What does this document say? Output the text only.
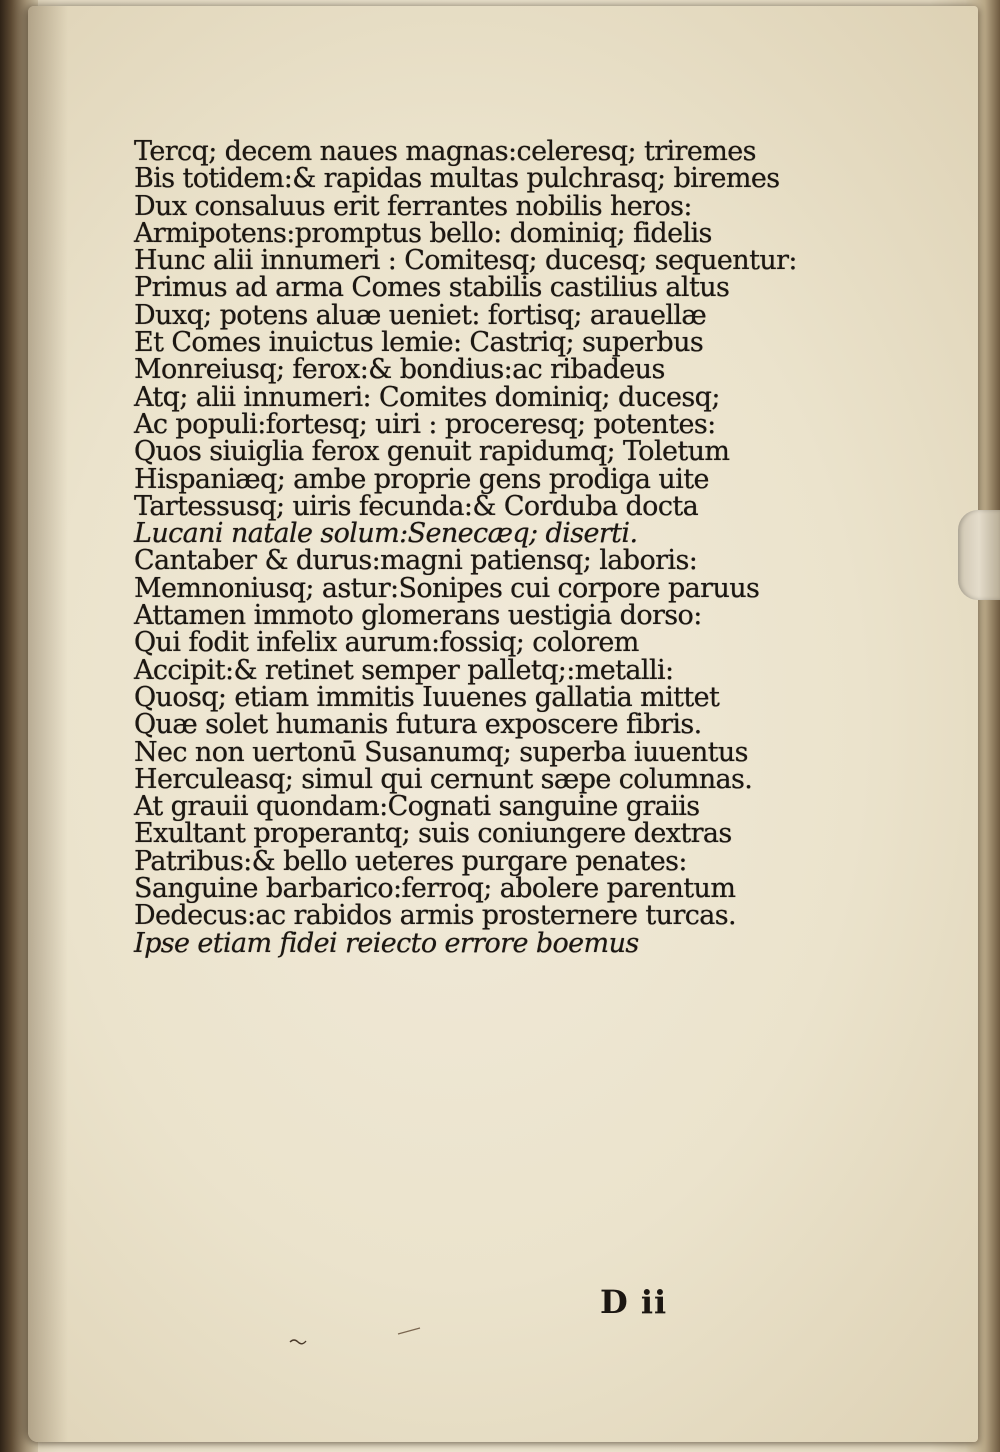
Tercq; decem naues magnas:celeresq; triremes
Bis totidem:& rapidas multas pulchrasq; biremes
Dux consaluus erit ferrantes nobilis heros:
Armipotens:promptus bello: dominiq; fidelis
Hunc alii innumeri : Comitesq; ducesq; sequentur:
Primus ad arma Comes stabilis castilius altus
Duxq; potens aluæ ueniet: fortisq; arauellæ
Et Comes inuictus lemie: Castriq; superbus
Monreiusq; ferox:& bondius:ac ribadeus
Atq; alii innumeri: Comites dominiq; ducesq;
Ac populi:fortesq; uiri : proceresq; potentes:
Quos siuiglia ferox genuit rapidumq; Toletum
Hispaniæq; ambe proprie gens prodiga uite
Tartessusq; uiris fecunda:& Corduba docta
Lucani natale solum:Senecæq; diserti.
Cantaber & durus:magni patiensq; laboris:
Memnoniusq; astur:Sonipes cui corpore paruus
Attamen immoto glomerans uestigia dorso:
Qui fodit infelix aurum:fossiq; colorem
Accipit:& retinet semper palletq;:metalli:
Quosq; etiam immitis Iuuenes gallatia mittet
Quæ solet humanis futura exposcere fibris.
Nec non uertonū Susanumq; superba iuuentus
Herculeasq; simul qui cernunt sæpe columnas.
At grauii quondam:Cognati sanguine graiis
Exultant properantq; suis coniungere dextras
Patribus:& bello ueteres purgare penates:
Sanguine barbarico:ferroq; abolere parentum
Dedecus:ac rabidos armis prosternere turcas.
Ipse etiam fidei reiecto errore boemus
D ii
